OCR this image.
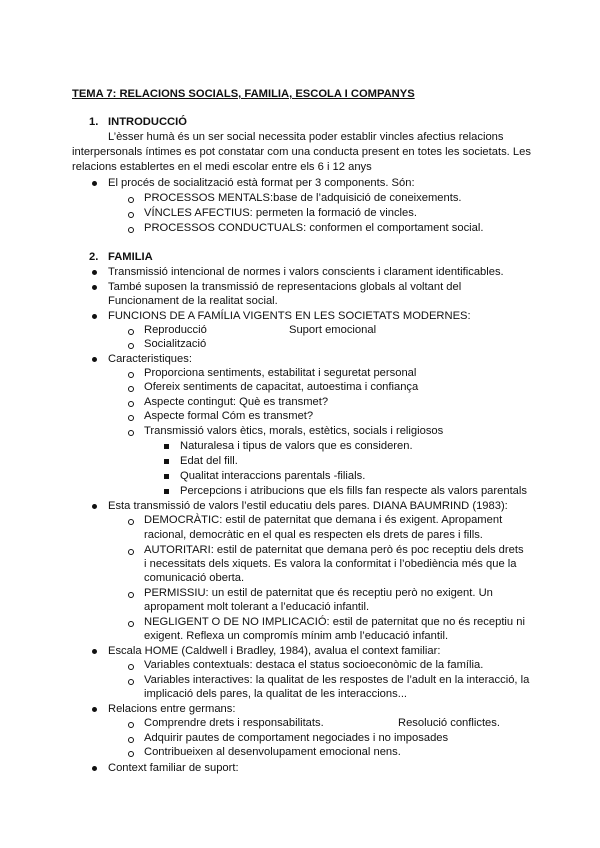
TEMA 7: RELACIONS SOCIALS, FAMILIA, ESCOLA I COMPANYS
1. INTRODUCCIÓ
L’èsser humà és un ser social necessita poder establir vincles afectius relacions
interpersonals íntimes es pot constatar com una conducta present en totes les societats. Les
relacions establertes en el medi escolar entre els 6 i 12 anys
El procés de socialització està format per 3 components. Són:
PROCESSOS MENTALS:base de l’adquisició de coneixements.
VÍNCLES AFECTIUS: permeten la formació de vincles.
PROCESSOS CONDUCTUALS: conformen el comportament social.
2. FAMILIA
Transmissió intencional de normes i valors conscients i clarament identificables.
També suposen la transmissió de representacions globals al voltant del
Funcionament de la realitat social.
FUNCIONS DE A FAMÍLIA VIGENTS EN LES SOCIETATS MODERNES:
Reproducció	Suport emocional
Socialització
Caracteristiques:
Proporciona sentiments, estabilitat i seguretat personal
Ofereix sentiments de capacitat, autoestima i confiança
Aspecte contingut: Què es transmet?
Aspecte formal Cóm es transmet?
Transmissió valors ètics, morals, estètics, socials i religiosos
Naturalesa i tipus de valors que es consideren.
Edat del fill.
Qualitat interaccions parentals -filials.
Percepcions i atribucions que els fills fan respecte als valors parentals
Esta transmissió de valors l’estil educatiu dels pares. DIANA BAUMRIND (1983):
DEMOCRÀTIC: estil de paternitat que demana i és exigent. Apropament
racional, democràtic en el qual es respecten els drets de pares i fills.
AUTORITARI: estil de paternitat que demana però és poc receptiu dels drets
i necessitats dels xiquets. Es valora la conformitat i l’obediència més que la
comunicació oberta.
PERMISSIU: un estil de paternitat que és receptiu però no exigent. Un
apropament molt tolerant a l’educació infantil.
NEGLIGENT O DE NO IMPLICACIÓ: estil de paternitat que no és receptiu ni
exigent. Reflexa un compromís mínim amb l’educació infantil.
Escala HOME (Caldwell i Bradley, 1984), avalua el context familiar:
Variables contextuals: destaca el status socioeconòmic de la família.
Variables interactives: la qualitat de les respostes de l’adult en la interacció, la
implicació dels pares, la qualitat de les interaccions...
Relacions entre germans:
Comprendre drets i responsabilitats.	Resolució conflictes.
Adquirir pautes de comportament negociades i no imposades
Contribueixen al desenvolupament emocional nens.
Context familiar de suport:
